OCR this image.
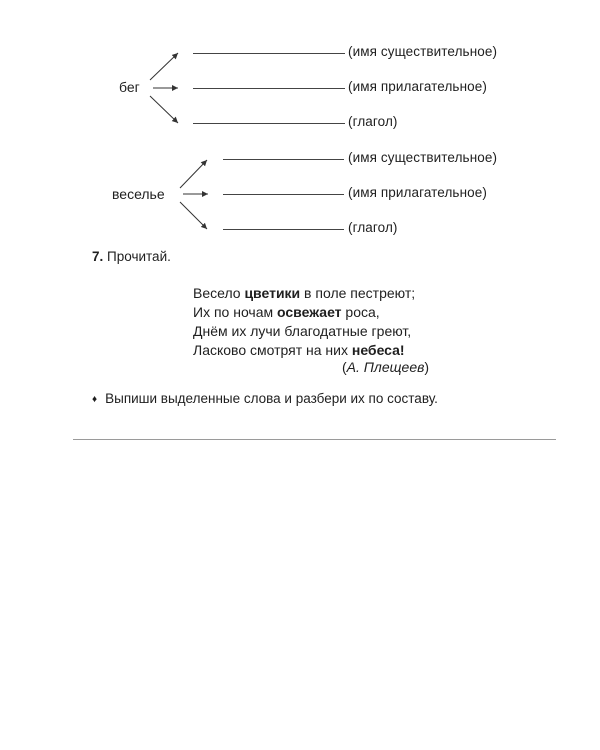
бег
(имя существительное)
(имя прилагательное)
(глагол)
веселье
(имя существительное)
(имя прилагательное)
(глагол)
7. Прочитай.
Весело цветики в поле пестреют;
Их по ночам освежает роса,
Днём их лучи благодатные греют,
Ласково смотрят на них небеса!
(А. Плещеев)
♦ Выпиши выделенные слова и разбери их по составу.
